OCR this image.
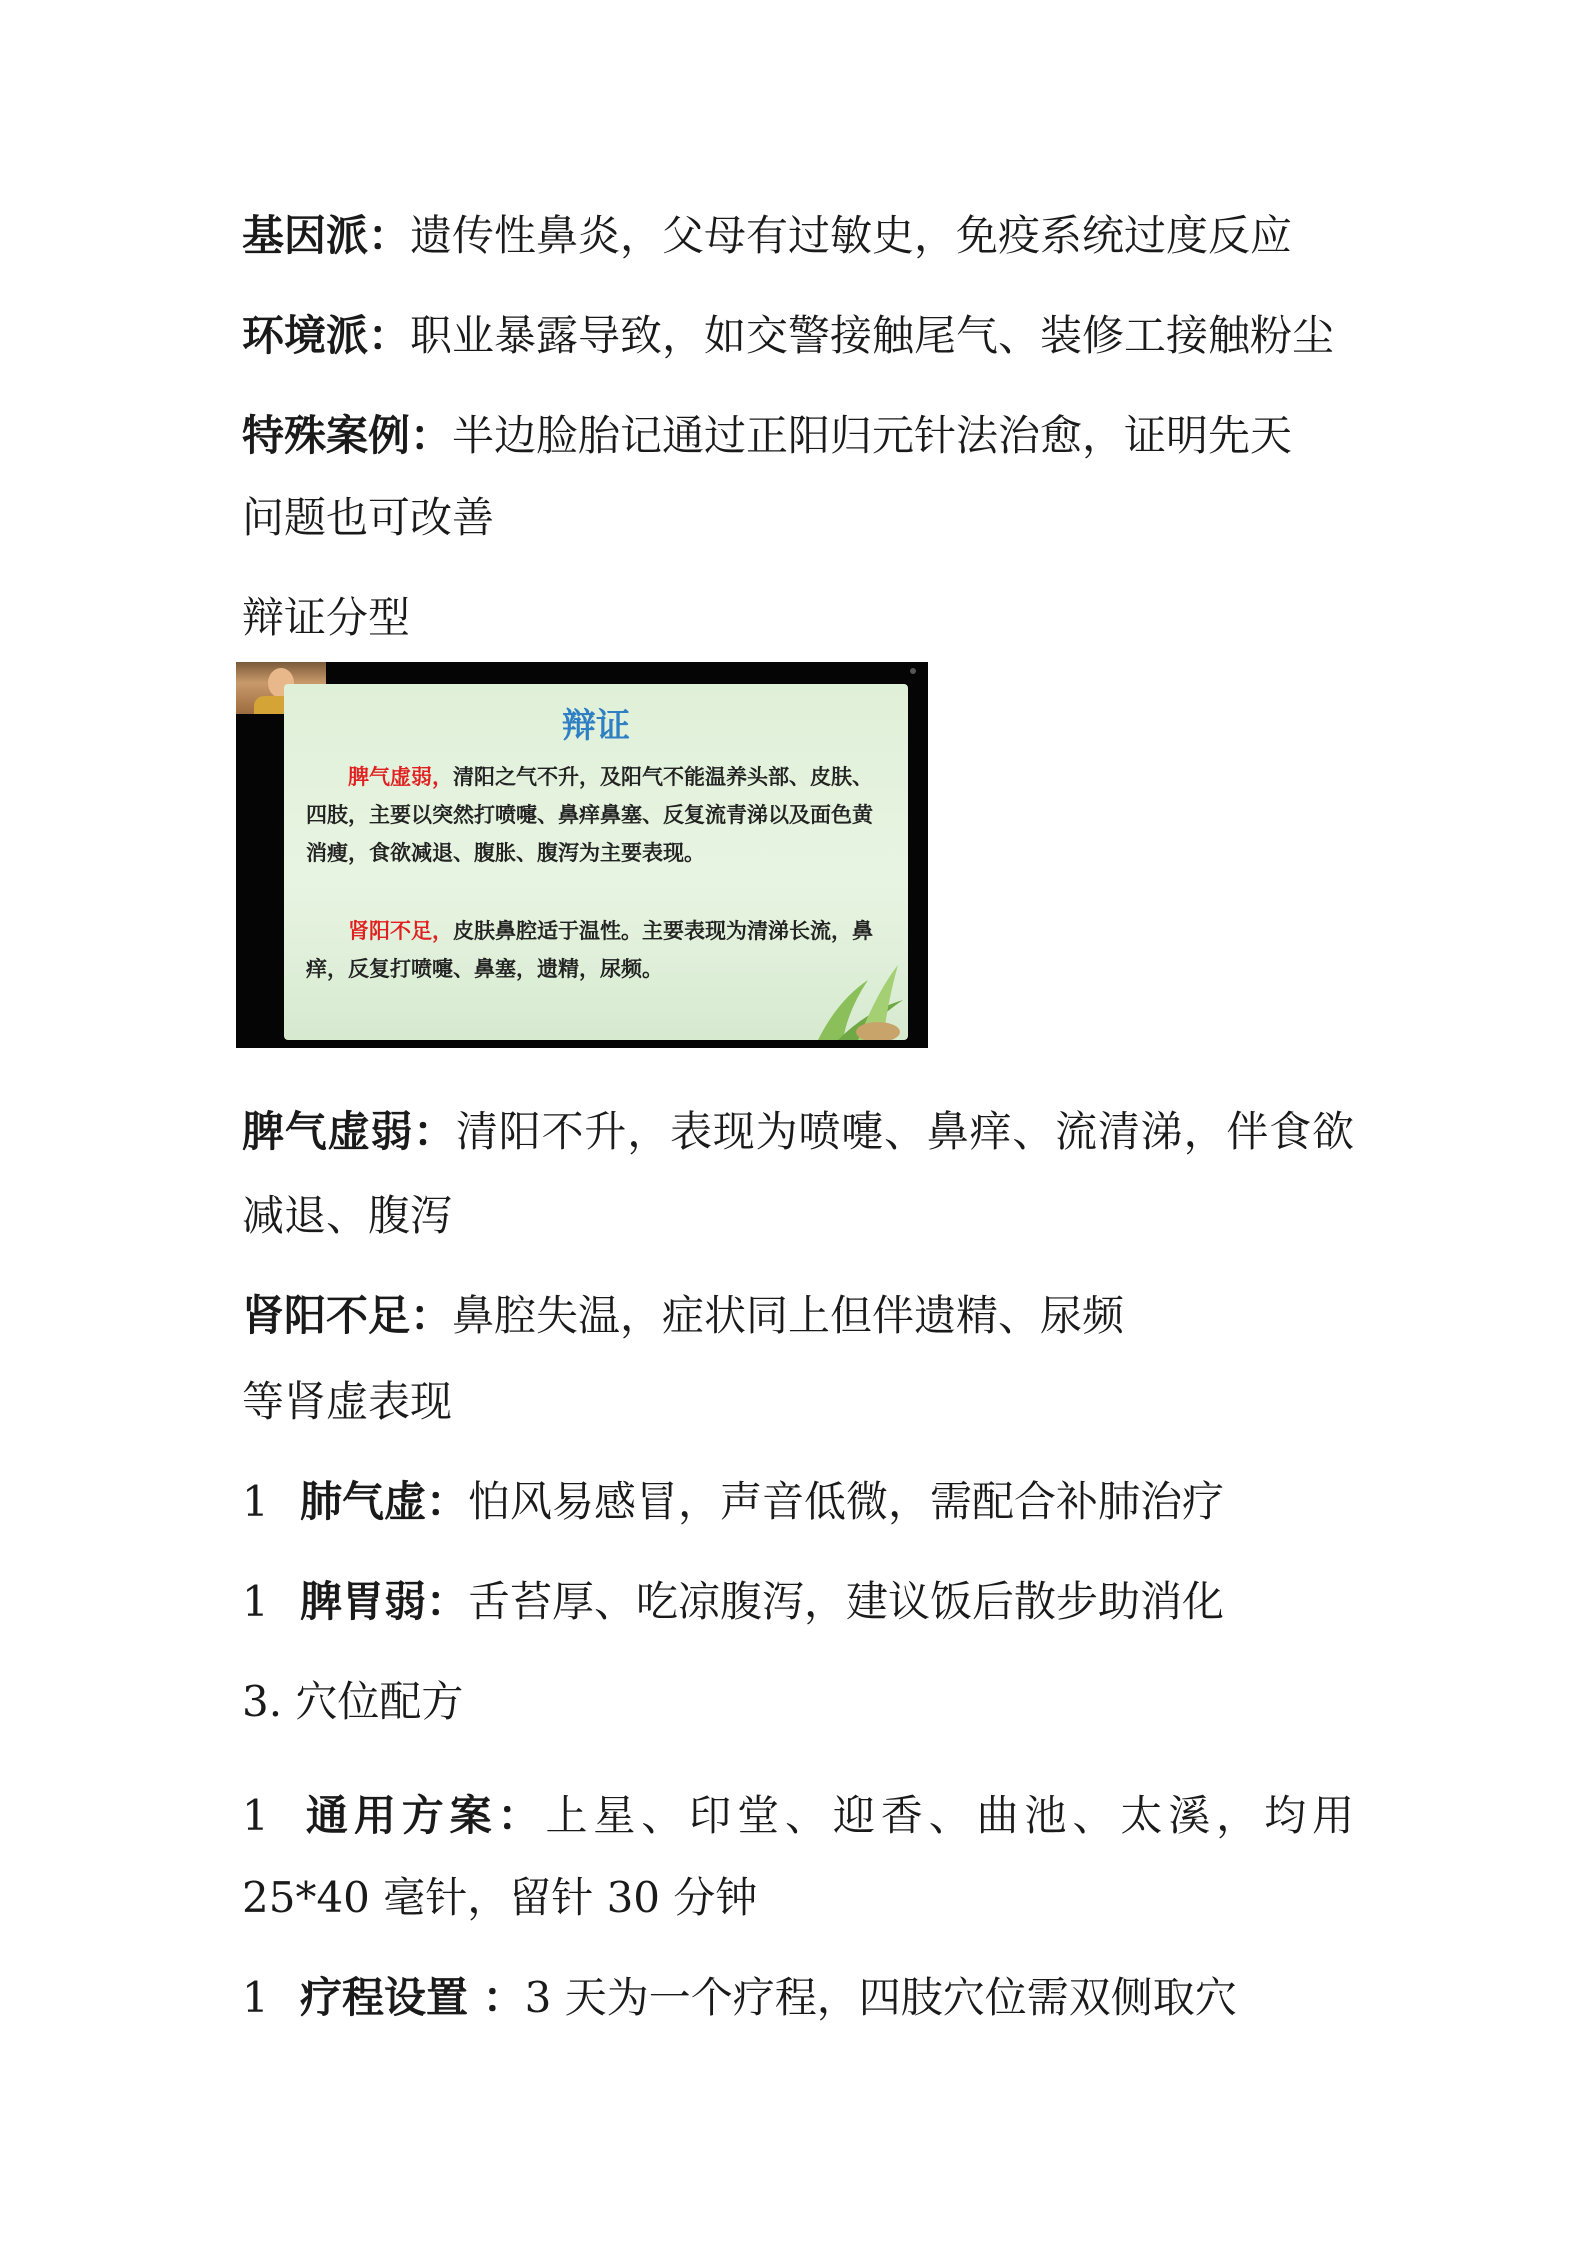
基因派：遗传性鼻炎，父母有过敏史，免疫系统过度反应
环境派：职业暴露导致，如交警接触尾气、装修工接触粉尘
特殊案例：半边脸胎记通过正阳归元针法治愈，证明先天
问题也可改善
辩证分型
辩证
脾气虚弱，清阳之气不升，及阳气不能温养头部、皮肤、四肢，主要以突然打喷嚏、鼻痒鼻塞、反复流青涕以及面色黄消瘦，食欲减退、腹胀、腹泻为主要表现。
肾阳不足，皮肤鼻腔适于温性。主要表现为清涕长流，鼻痒，反复打喷嚏、鼻塞，遗精，尿频。
脾气虚弱：清阳不升，表现为喷嚏、鼻痒、流清涕，伴食欲
减退、腹泻
肾阳不足：鼻腔失温，症状同上但伴遗精、尿频
等肾虚表现
1 肺气虚：怕风易感冒，声音低微，需配合补肺治疗
1 脾胃弱：舌苔厚、吃凉腹泻，建议饭后散步助消化
3. 穴位配方
1 通用方案：上星、印堂、迎香、曲池、太溪，均用
25*40 毫针，留针 30 分钟
1 疗程设置 ：3 天为一个疗程，四肢穴位需双侧取穴
